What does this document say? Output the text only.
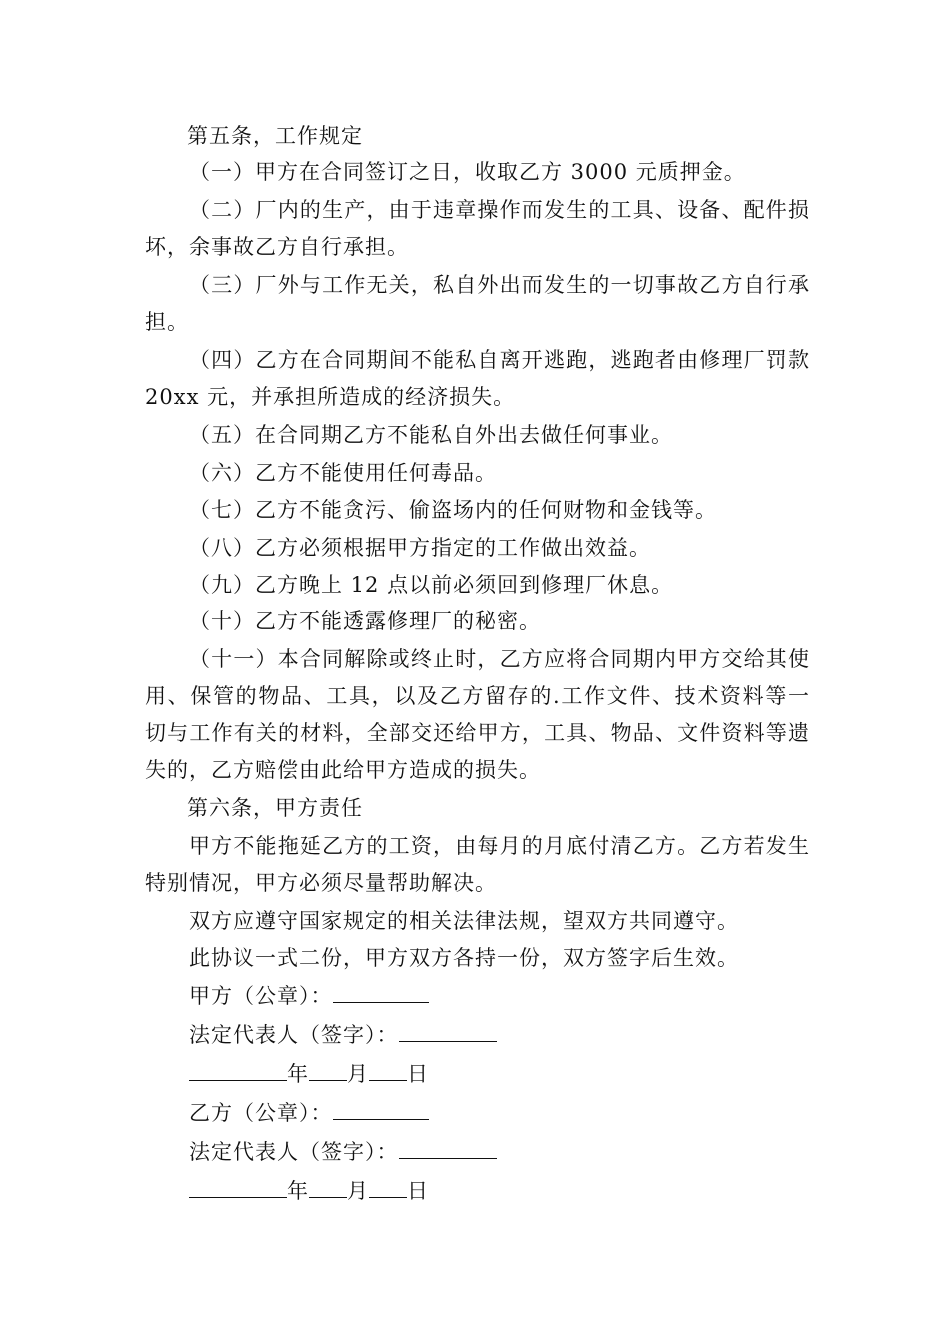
第五条，工作规定

（一）甲方在合同签订之日，收取乙方 3000 元质押金。

（二）厂内的生产，由于违章操作而发生的工具、设备、配件损坏，余事故乙方自行承担。

（三）厂外与工作无关，私自外出而发生的一切事故乙方自行承担。

（四）乙方在合同期间不能私自离开逃跑，逃跑者由修理厂罚款 20xx 元，并承担所造成的经济损失。

（五）在合同期乙方不能私自外出去做任何事业。

（六）乙方不能使用任何毒品。

（七）乙方不能贪污、偷盗场内的任何财物和金钱等。

（八）乙方必须根据甲方指定的工作做出效益。

（九）乙方晚上 12 点以前必须回到修理厂休息。

（十）乙方不能透露修理厂的秘密。

（十一）本合同解除或终止时，乙方应将合同期内甲方交给其使用、保管的物品、工具，以及乙方留存的.工作文件、技术资料等一切与工作有关的材料，全部交还给甲方，工具、物品、文件资料等遗失的，乙方赔偿由此给甲方造成的损失。

第六条，甲方责任

甲方不能拖延乙方的工资，由每月的月底付清乙方。乙方若发生特别情况，甲方必须尽量帮助解决。

双方应遵守国家规定的相关法律法规，望双方共同遵守。

此协议一式二份，甲方双方各持一份，双方签字后生效。

甲方（公章）：

法定代表人（签字）：

年 月 日

乙方（公章）：

法定代表人（签字）：

年 月 日
